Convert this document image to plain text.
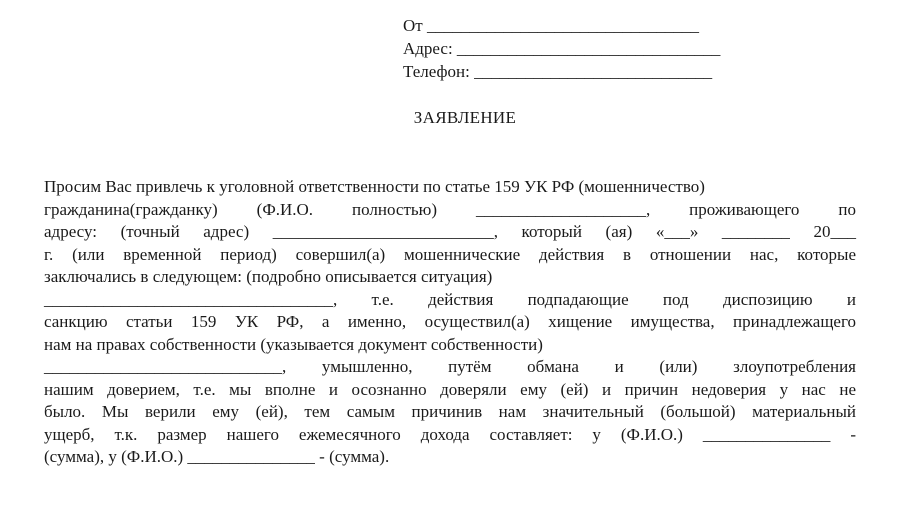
От ________________________________
Адрес: _______________________________
Телефон: ____________________________
ЗАЯВЛЕНИЕ
Просим Вас привлечь к уголовной ответственности по статье 159 УК РФ (мошенничество)
гражданина(гражданку) (Ф.И.О. полностью) ____________________, проживающего по
адресу: (точный адрес) __________________________, который (ая) «___» ________ 20___
г. (или временной период) совершил(а) мошеннические действия в отношении нас, которые
заключались в следующем: (подробно описывается ситуация)
__________________________________, т.е. действия подпадающие под диспозицию и
санкцию статьи 159 УК РФ, а именно, осуществил(а) хищение имущества, принадлежащего
нам на правах собственности (указывается документ собственности)
____________________________, умышленно, путём обмана и (или) злоупотребления
нашим доверием, т.е. мы вполне и осознанно доверяли ему (ей) и причин недоверия у нас не
было. Мы верили ему (ей), тем самым причинив нам значительный (большой) материальный
ущерб, т.к. размер нашего ежемесячного дохода составляет: у (Ф.И.О.) _______________ -
(сумма), у (Ф.И.О.) _______________ - (сумма).
